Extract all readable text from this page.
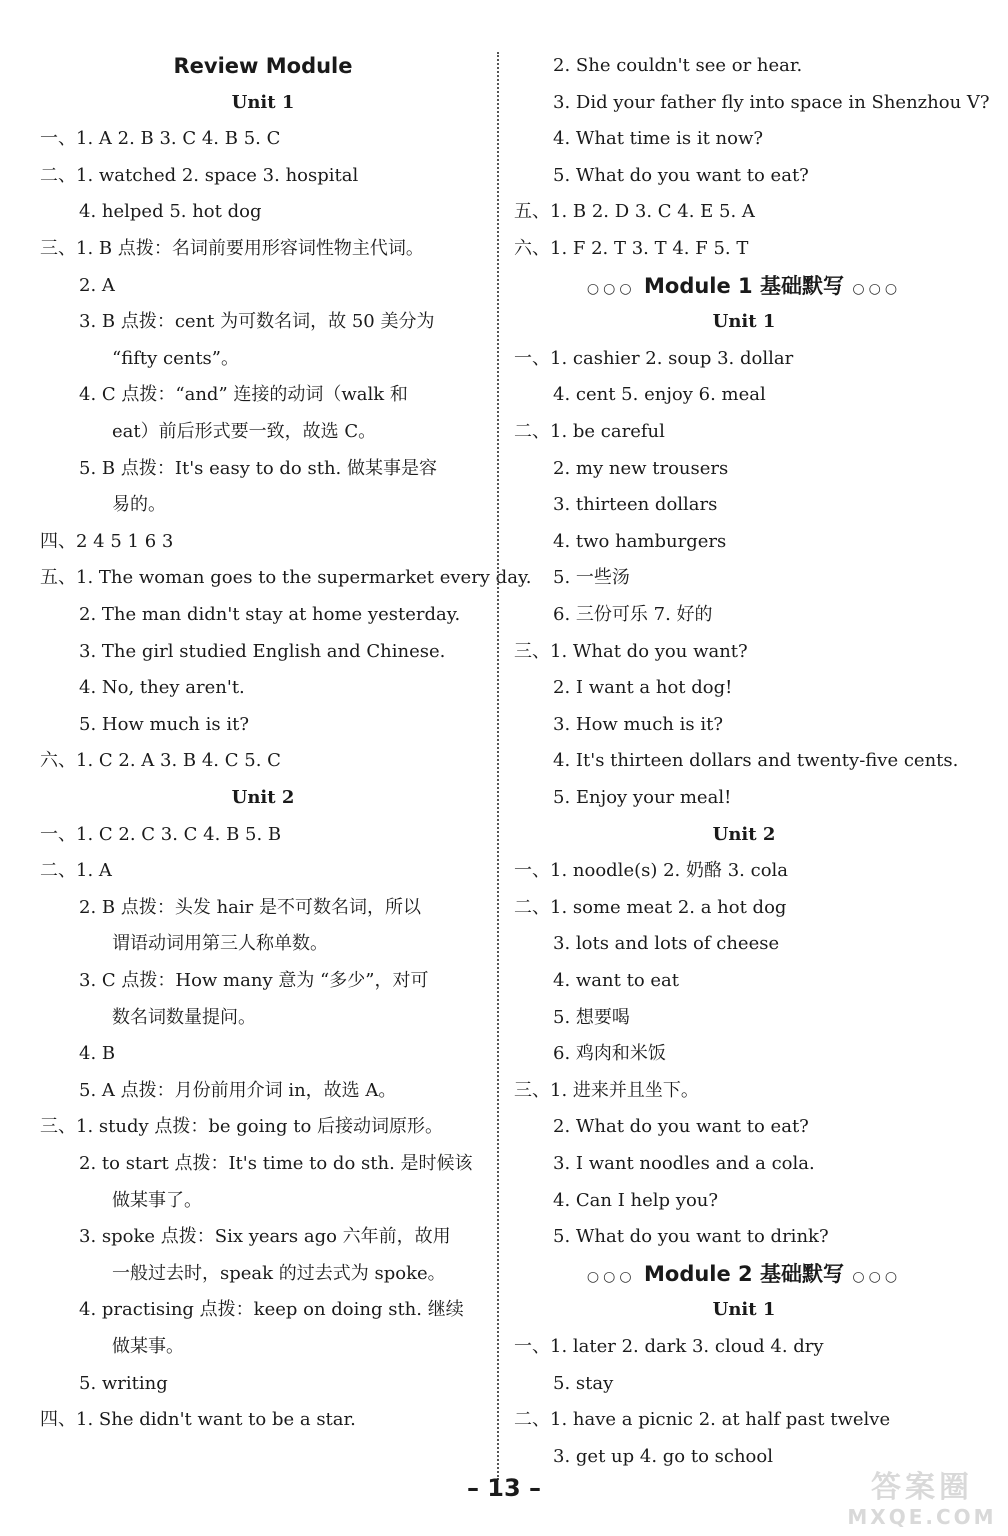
Review Module
Unit 1
一、1. A 2. B 3. C 4. B 5. C
二、1. watched 2. space 3. hospital
4. helped 5. hot dog
三、1. B 点拨：名词前要用形容词性物主代词。
2. A
3. B 点拨：cent 为可数名词，故 50 美分为
“fifty cents”。
4. C 点拨：“and” 连接的动词（walk 和
eat）前后形式要一致，故选 C。
5. B 点拨：It's easy to do sth. 做某事是容
易的。
四、2 4 5 1 6 3
五、1. The woman goes to the supermarket every day.
2. The man didn't stay at home yesterday.
3. The girl studied English and Chinese.
4. No, they aren't.
5. How much is it?
六、1. C 2. A 3. B 4. C 5. C
Unit 2
一、1. C 2. C 3. C 4. B 5. B
二、1. A
2. B 点拨：头发 hair 是不可数名词，所以
谓语动词用第三人称单数。
3. C 点拨：How many 意为 “多少”，对可
数名词数量提问。
4. B
5. A 点拨：月份前用介词 in，故选 A。
三、1. study 点拨：be going to 后接动词原形。
2. to start 点拨：It's time to do sth. 是时候该
做某事了。
3. spoke 点拨：Six years ago 六年前，故用
一般过去时，speak 的过去式为 spoke。
4. practising 点拨：keep on doing sth. 继续
做某事。
5. writing
四、1. She didn't want to be a star.
2. She couldn't see or hear.
3. Did your father fly into space in Shenzhou V?
4. What time is it now?
5. What do you want to eat?
五、1. B 2. D 3. C 4. E 5. A
六、1. F 2. T 3. T 4. F 5. T
○○○ Module 1 基础默写 ○○○
Unit 1
一、1. cashier 2. soup 3. dollar
4. cent 5. enjoy 6. meal
二、1. be careful
2. my new trousers
3. thirteen dollars
4. two hamburgers
5. 一些汤
6. 三份可乐 7. 好的
三、1. What do you want?
2. I want a hot dog!
3. How much is it?
4. It's thirteen dollars and twenty-five cents.
5. Enjoy your meal!
Unit 2
一、1. noodle(s) 2. 奶酪 3. cola
二、1. some meat 2. a hot dog
3. lots and lots of cheese
4. want to eat
5. 想要喝
6. 鸡肉和米饭
三、1. 进来并且坐下。
2. What do you want to eat?
3. I want noodles and a cola.
4. Can I help you?
5. What do you want to drink?
○○○ Module 2 基础默写 ○○○
Unit 1
一、1. later 2. dark 3. cloud 4. dry
5. stay
二、1. have a picnic 2. at half past twelve
3. get up 4. go to school
– 13 –	答案圈
MXQE.COM
